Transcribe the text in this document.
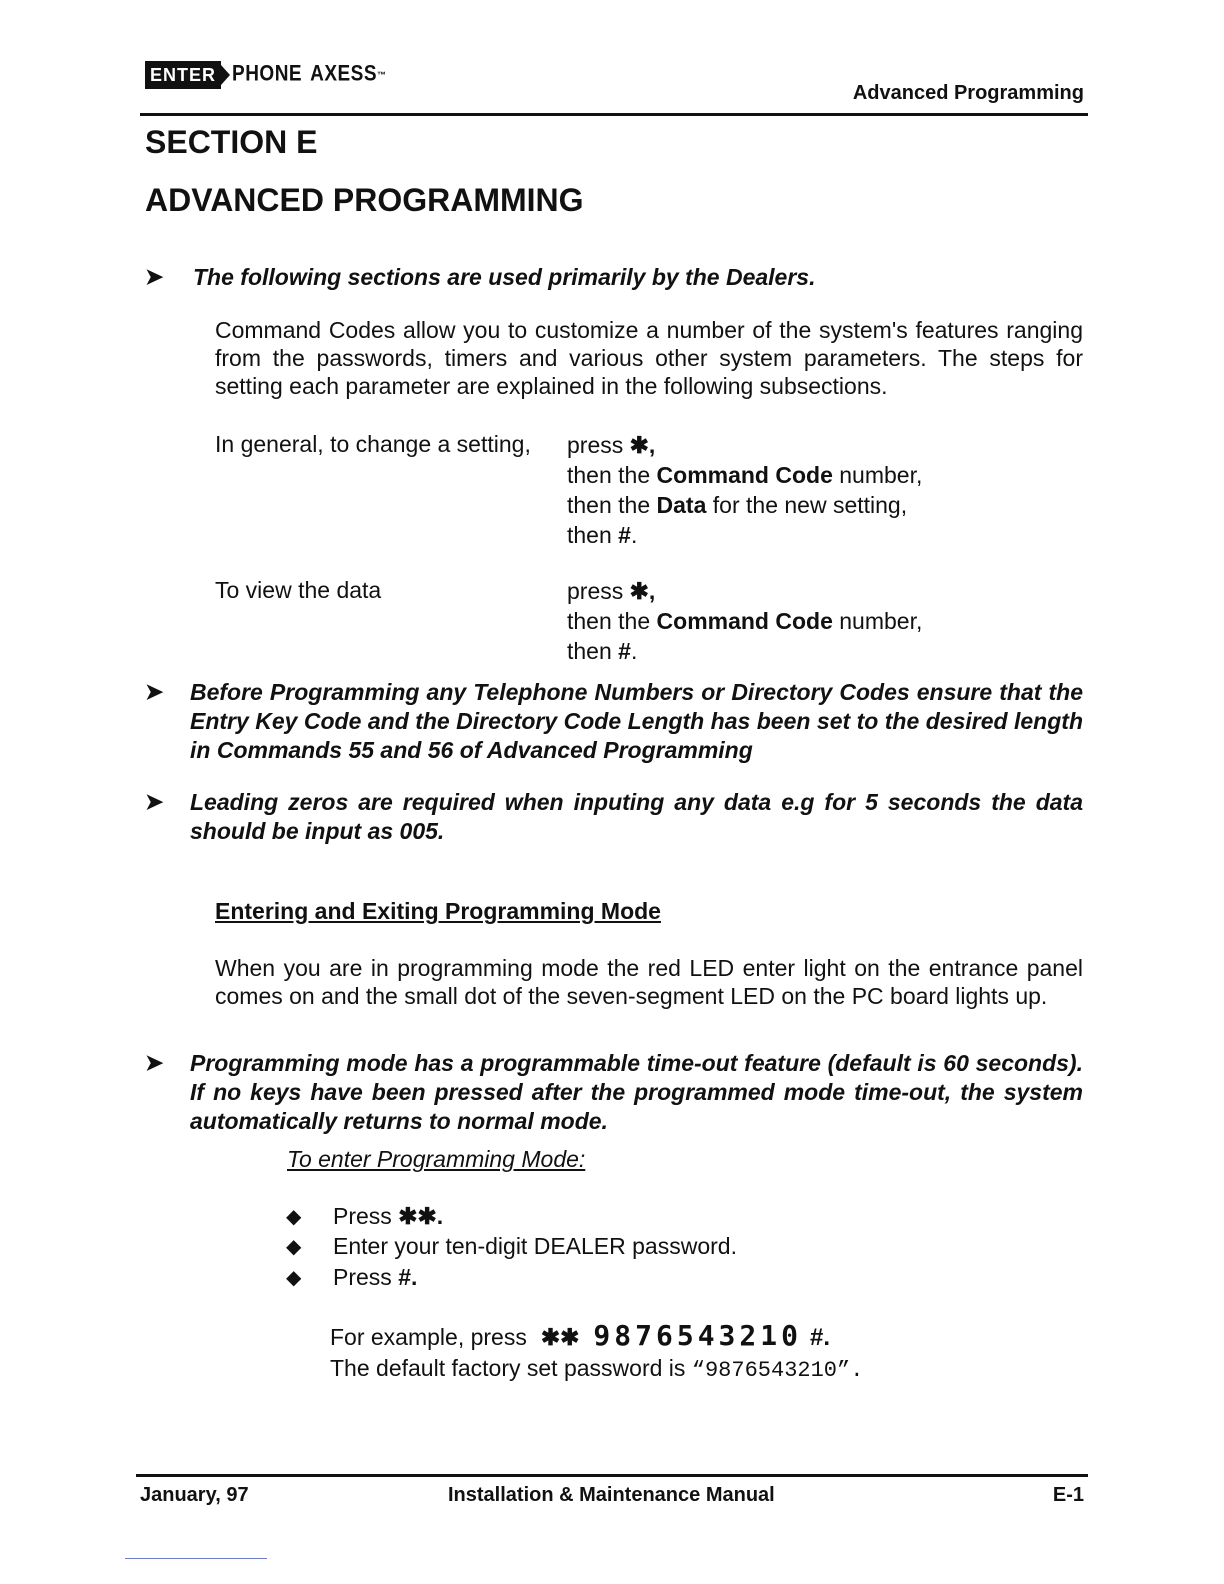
ENTER PHONE AXESS ™
Advanced Programming
SECTION E
ADVANCED PROGRAMMING
➤ The following sections are used primarily by the Dealers.
Command Codes allow you to customize a number of the system's features ranging from the passwords, timers and various other system parameters. The steps for setting each parameter are explained in the following subsections.
In general, to change a setting, press ✱,
then the Command Code number,
then the Data for the new setting,
then #.
To view the data	press ✱,
then the Command Code number,
then #.
➤ Before Programming any Telephone Numbers or Directory Codes ensure that the Entry Key Code and the Directory Code Length has been set to the desired length in Commands 55 and 56 of Advanced Programming
➤ Leading zeros are required when inputing any data e.g for 5 seconds the data should be input as 005.
Entering and Exiting Programming Mode
When you are in programming mode the red LED enter light on the entrance panel comes on and the small dot of the seven-segment LED on the PC board lights up.
➤ Programming mode has a programmable time-out feature (default is 60 seconds). If no keys have been pressed after the programmed mode time-out, the system automatically returns to normal mode.
To enter Programming Mode:
◆ Press ✱✱.
◆ Enter your ten-digit DEALER password.
◆ Press #.
For example, press ✱✱ 9876543210 #.
The default factory set password is “9876543210”.
January, 97	Installation & Maintenance Manual	E-1
